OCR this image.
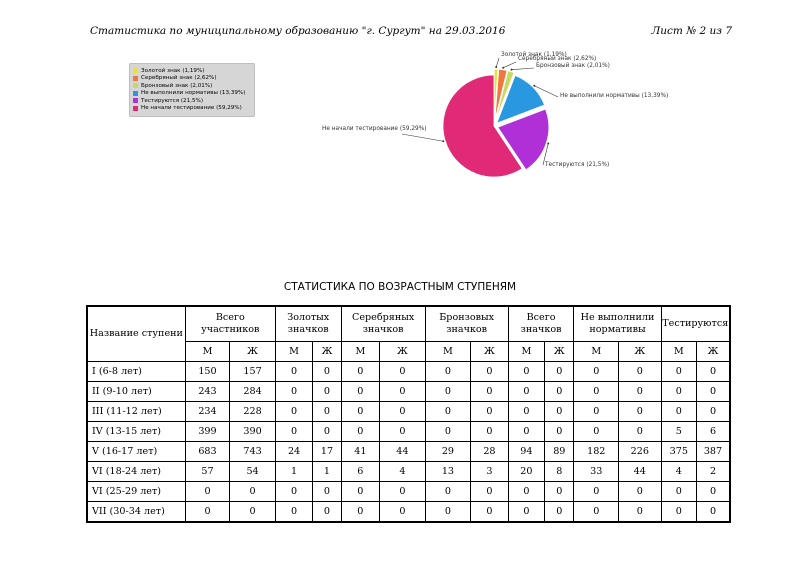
Статистика по муниципальному образованию "г. Сургут" на 29.03.2016	Лист № 2 из 7
Золотой знак (1,19%)
Серебряный знак (2,62%)
Бронзовый знак (2,01%)
Не выполнили нормативы (13,39%)
Тестируются (21,5%)
Не начали тестирование (59,29%)
Золотой знак (1,19%)
Серебряный знак (2,62%)
Бронзовый знак (2,01%)
Не выполнили нормативы (13,39%)
Тестируются (21,5%)
Не начали тестирование (59,29%)
СТАТИСТИКА ПО ВОЗРАСТНЫМ СТУПЕНЯМ
Название ступени	Всего участников		Золотых значков		Серебряных значков		Бронзовых значков		Всего значков		Не выполнили нормативы		Тестируются	
	М	Ж	М	Ж	М	Ж	М	Ж	М	Ж	М	Ж	М	Ж
I (6-8 лет)	150	157	0	0	0	0	0	0	0	0	0	0	0	0
II (9-10 лет)	243	284	0	0	0	0	0	0	0	0	0	0	0	0
III (11-12 лет)	234	228	0	0	0	0	0	0	0	0	0	0	0	0
IV (13-15 лет)	399	390	0	0	0	0	0	0	0	0	0	0	5	6
V (16-17 лет)	683	743	24	17	41	44	29	28	94	89	182	226	375	387
VI (18-24 лет)	57	54	1	1	6	4	13	3	20	8	33	44	4	2
VI (25-29 лет)	0	0	0	0	0	0	0	0	0	0	0	0	0	0
VII (30-34 лет)	0	0	0	0	0	0	0	0	0	0	0	0	0	0
